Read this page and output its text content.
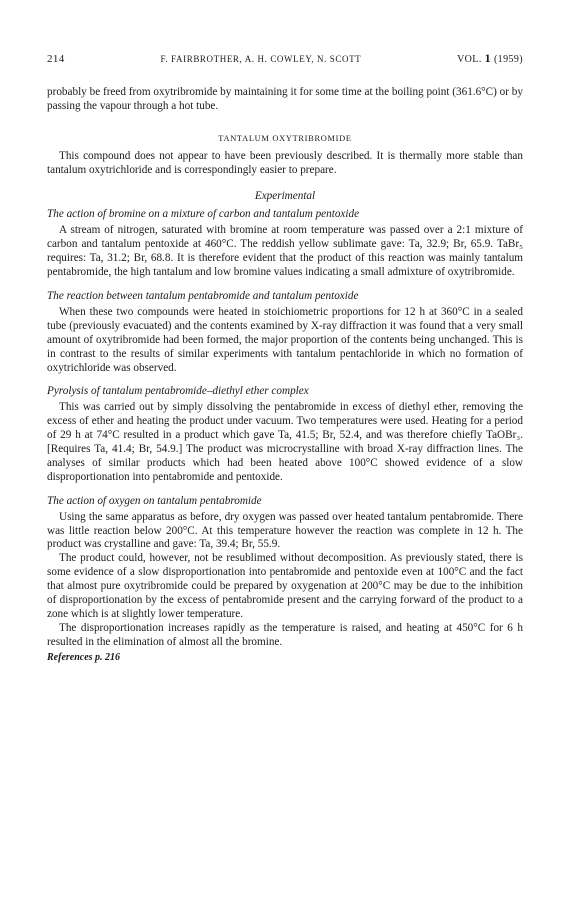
214	F. FAIRBROTHER, A. H. COWLEY, N. SCOTT	VOL. 1 (1959)

probably be freed from oxytribromide by maintaining it for some time at the boiling point (361.6°C) or by passing the vapour through a hot tube.

TANTALUM OXYTRIBROMIDE

This compound does not appear to have been previously described. It is thermally more stable than tantalum oxytrichloride and is correspondingly easier to prepare.

Experimental
The action of bromine on a mixture of carbon and tantalum pentoxide

A stream of nitrogen, saturated with bromine at room temperature was passed over a 2:1 mixture of carbon and tantalum pentoxide at 460°C. The reddish yellow sublimate gave: Ta, 32.9; Br, 65.9. TaBr₅ requires: Ta, 31.2; Br, 68.8. It is therefore evident that the product of this reaction was mainly tantalum pentabromide, the high tantalum and low bromine values indicating a small admixture of oxytribromide.

The reaction between tantalum pentabromide and tantalum pentoxide

When these two compounds were heated in stoichiometric proportions for 12 h at 360°C in a sealed tube (previously evacuated) and the contents examined by X-ray diffraction it was found that a very small amount of oxytribromide had been formed, the major proportion of the contents being unchanged. This is in contrast to the results of similar experiments with tantalum pentachloride in which no formation of oxytrichloride was observed.

Pyrolysis of tantalum pentabromide–diethyl ether complex

This was carried out by simply dissolving the pentabromide in excess of diethyl ether, removing the excess of ether and heating the product under vacuum. Two temperatures were used. Heating for a period of 29 h at 74°C resulted in a product which gave Ta, 41.5; Br, 52.4, and was therefore chiefly TaOBr₃. [Requires Ta, 41.4; Br, 54.9.] The product was microcrystalline with broad X-ray diffraction lines. The analyses of similar products which had been heated above 100°C showed evidence of a slow disproportionation into pentabromide and pentoxide.

The action of oxygen on tantalum pentabromide

Using the same apparatus as before, dry oxygen was passed over heated tantalum pentabromide. There was little reaction below 200°C. At this temperature however the reaction was complete in 12 h. The product was crystalline and gave: Ta, 39.4; Br, 55.9.

The product could, however, not be resublimed without decomposition. As previously stated, there is some evidence of a slow disproportionation into pentabromide and pentoxide even at 100°C and the fact that almost pure oxytribromide could be prepared by oxygenation at 200°C may be due to the inhibition of disproportionation by the excess of pentabromide present and the carrying forward of the product to a zone which is at slightly lower temperature.

The disproportionation increases rapidly as the temperature is raised, and heating at 450°C for 6 h resulted in the elimination of almost all the bromine.

References p. 216
